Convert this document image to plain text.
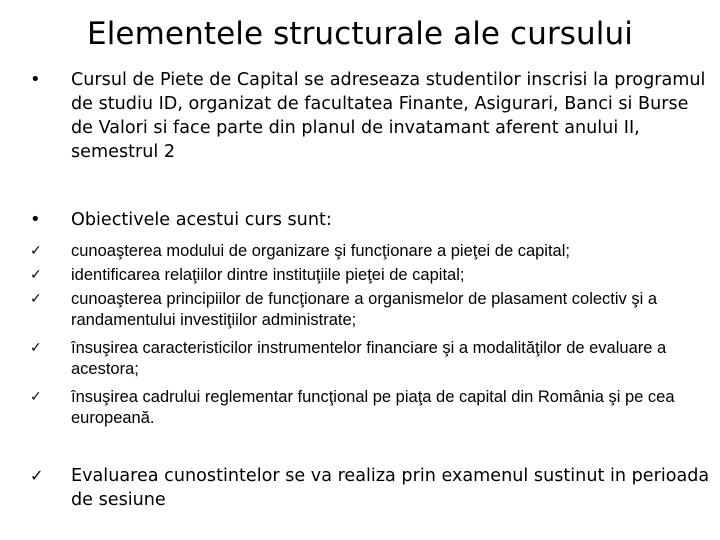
Elementele structurale ale cursului
• Cursul de Piete de Capital se adreseaza studentilor inscrisi la programul de studiu ID, organizat de facultatea Finante, Asigurari, Banci si Burse de Valori si face parte din planul de invatamant aferent anului II, semestrul 2
• Obiectivele acestui curs sunt:
✓ cunoaşterea modului de organizare şi funcţionare a pieţei de capital;
✓ identificarea relaţiilor dintre instituţiile pieţei de capital;
✓ cunoaşterea principiilor de funcţionare a organismelor de plasament colectiv şi a randamentului investiţiilor administrate;
✓ însuşirea caracteristicilor instrumentelor financiare şi a modalităţilor de evaluare a acestora;
✓ însuşirea cadrului reglementar funcţional pe piaţa de capital din România şi pe cea europeană.
✓ Evaluarea cunostintelor se va realiza prin examenul sustinut in perioada de sesiune
